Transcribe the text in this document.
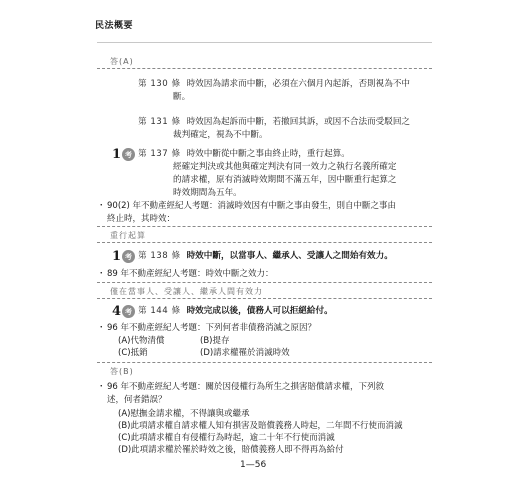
民法概要
答(A)
第 130 條 時效因為請求而中斷，必須在六個月內起訴，否則視為不中
斷。
第 131 條 時效因為起訴而中斷，若撤回其訴，或因不合法而受駁回之
裁判確定，視為不中斷。
1 考 第 137 條 時效中斷從中斷之事由終止時，重行起算。
經確定判決或其他與確定判決有同一效力之執行名義所確定
的請求權，原有消滅時效期間不滿五年，因中斷重行起算之
時效期間為五年。
・ 90(2) 年不動產經紀人考題：消滅時效因有中斷之事由發生，則自中斷之事由
終止時，其時效：
重行起算
1 考 第 138 條 時效中斷，以當事人、繼承人、受讓人之間始有效力。
・ 89 年不動產經紀人考題：時效中斷之效力：
僅在當事人、受讓人、繼承人間有效力
4 考 第 144 條 時效完成以後，債務人可以拒絕給付。
・ 96 年不動產經紀人考題：下列何者非債務消滅之原因？
(A)代物清償	(B)提存
(C)抵銷	(D)請求權罹於消滅時效
答(B)
・ 96 年不動產經紀人考題：關於因侵權行為所生之損害賠償請求權，下列敘
述，何者錯誤？
(A)慰撫金請求權，不得讓與或繼承
(B)此項請求權自請求權人知有損害及賠償義務人時起，二年間不行使而消滅
(C)此項請求權自有侵權行為時起，逾二十年不行使而消滅
(D)此項請求權於罹於時效之後，賠償義務人即不得再為給付
1—56
